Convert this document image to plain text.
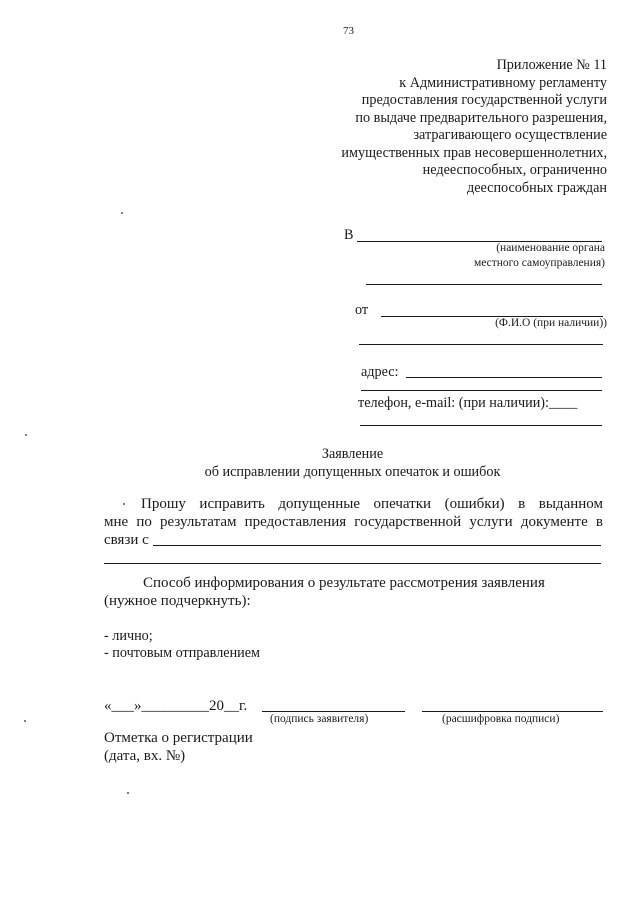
73
Приложение № 11
к Административному регламенту
предоставления государственной услуги
по выдаче предварительного разрешения,
затрагивающего осуществление
имущественных прав несовершеннолетних,
недееспособных, ограниченно
дееспособных граждан
В
(наименование органа
местного самоуправления)
от
(Ф.И.О (при наличии))
адрес:
телефон, e-mail: (при наличии):____
Заявление
об исправлении допущенных опечаток и ошибок
Прошу исправить допущенные опечатки (ошибки) в выданном
мне по результатам предоставления государственной услуги документе в
связи с
Способ информирования о результате рассмотрения заявления
(нужное подчеркнуть):
- лично;
- почтовым отправлением
«___»_________20__г.
(подпись заявителя)	(расшифровка подписи)
Отметка о регистрации
(дата, вх. №)
